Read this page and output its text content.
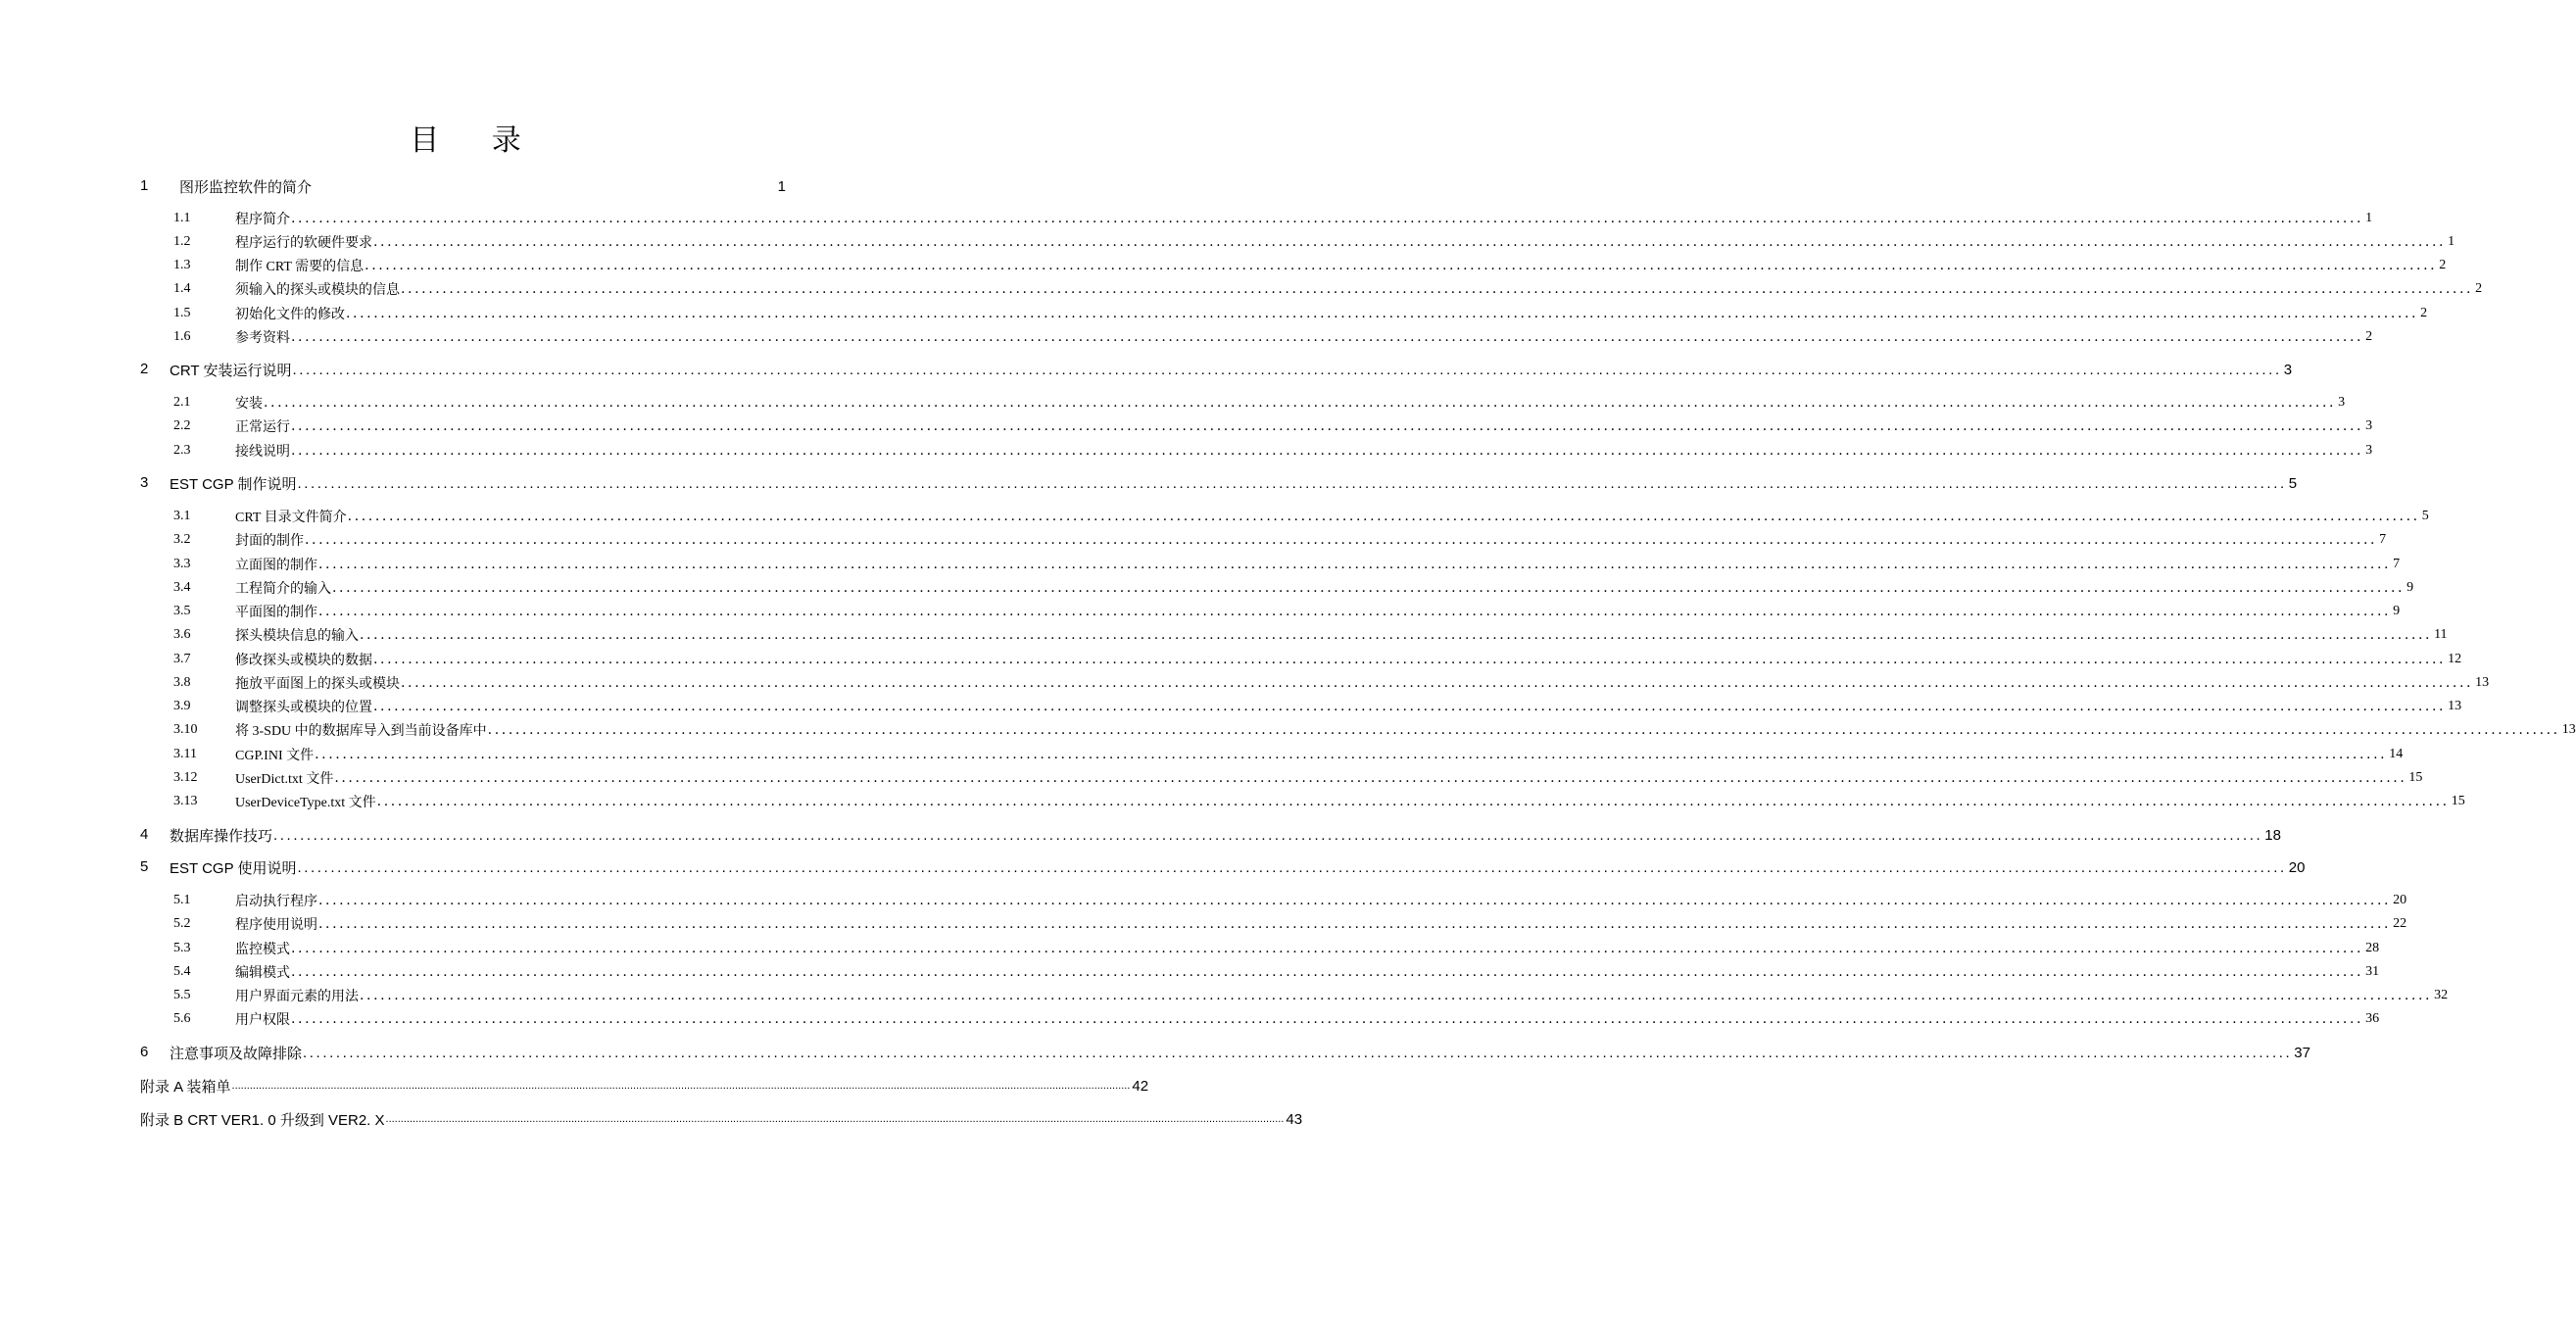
目 录
1 图形监控软件的简介	1
1.1	程序简介 ............................................................................................................................................................................................................................................................................................................ 1
1.2	程序运行的软硬件要求 ............................................................................................................................................................................................................................................................................................................ 1
1.3	制作 CRT 需要的信息 ............................................................................................................................................................................................................................................................................................................ 2
1.4	须输入的探头或模块的信息 ............................................................................................................................................................................................................................................................................................................ 2
1.5	初始化文件的修改 ............................................................................................................................................................................................................................................................................................................ 2
1.6	参考资料 ............................................................................................................................................................................................................................................................................................................ 2
2 CRT 安装运行说明 ............................................................................................................................................................................................................................................................................................................ 3
2.1	安装 ............................................................................................................................................................................................................................................................................................................ 3
2.2	正常运行 ............................................................................................................................................................................................................................................................................................................ 3
2.3	接线说明 ............................................................................................................................................................................................................................................................................................................ 3
3 EST CGP 制作说明 ............................................................................................................................................................................................................................................................................................................ 5
3.1	CRT 目录文件简介 ............................................................................................................................................................................................................................................................................................................ 5
3.2	封面的制作 ............................................................................................................................................................................................................................................................................................................ 7
3.3	立面图的制作 ............................................................................................................................................................................................................................................................................................................ 7
3.4	工程简介的输入 ............................................................................................................................................................................................................................................................................................................ 9
3.5	平面图的制作 ............................................................................................................................................................................................................................................................................................................ 9
3.6	探头模块信息的输入 ............................................................................................................................................................................................................................................................................................................ 11
3.7	修改探头或模块的数据 ............................................................................................................................................................................................................................................................................................................ 12
3.8	拖放平面图上的探头或模块 ............................................................................................................................................................................................................................................................................................................ 13
3.9	调整探头或模块的位置 ............................................................................................................................................................................................................................................................................................................ 13
3.10	将 3-SDU 中的数据库导入到当前设备库中 ............................................................................................................................................................................................................................................................................................................ 13
3.11	CGP.INI 文件 ............................................................................................................................................................................................................................................................................................................ 14
3.12	UserDict.txt 文件 ............................................................................................................................................................................................................................................................................................................ 15
3.13	UserDeviceType.txt 文件 ............................................................................................................................................................................................................................................................................................................ 15
4 数据库操作技巧 ............................................................................................................................................................................................................................................................................................................ 18
5 EST CGP 使用说明 ............................................................................................................................................................................................................................................................................................................ 20
5.1	启动执行程序 ............................................................................................................................................................................................................................................................................................................ 20
5.2	程序使用说明 ............................................................................................................................................................................................................................................................................................................ 22
5.3	监控模式 ............................................................................................................................................................................................................................................................................................................ 28
5.4	编辑模式 ............................................................................................................................................................................................................................................................................................................ 31
5.5	用户界面元素的用法 ............................................................................................................................................................................................................................................................................................................ 32
5.6	用户权限 ............................................................................................................................................................................................................................................................................................................ 36
6 注意事项及故障排除 ............................................................................................................................................................................................................................................................................................................ 37
附录 A 装箱单 ............................................................................................................................................................................................................................................................................................................ 42
附录 B CRT VER1. 0 升级到 VER2. X ............................................................................................................................................................................................................................................................................................................ 43
